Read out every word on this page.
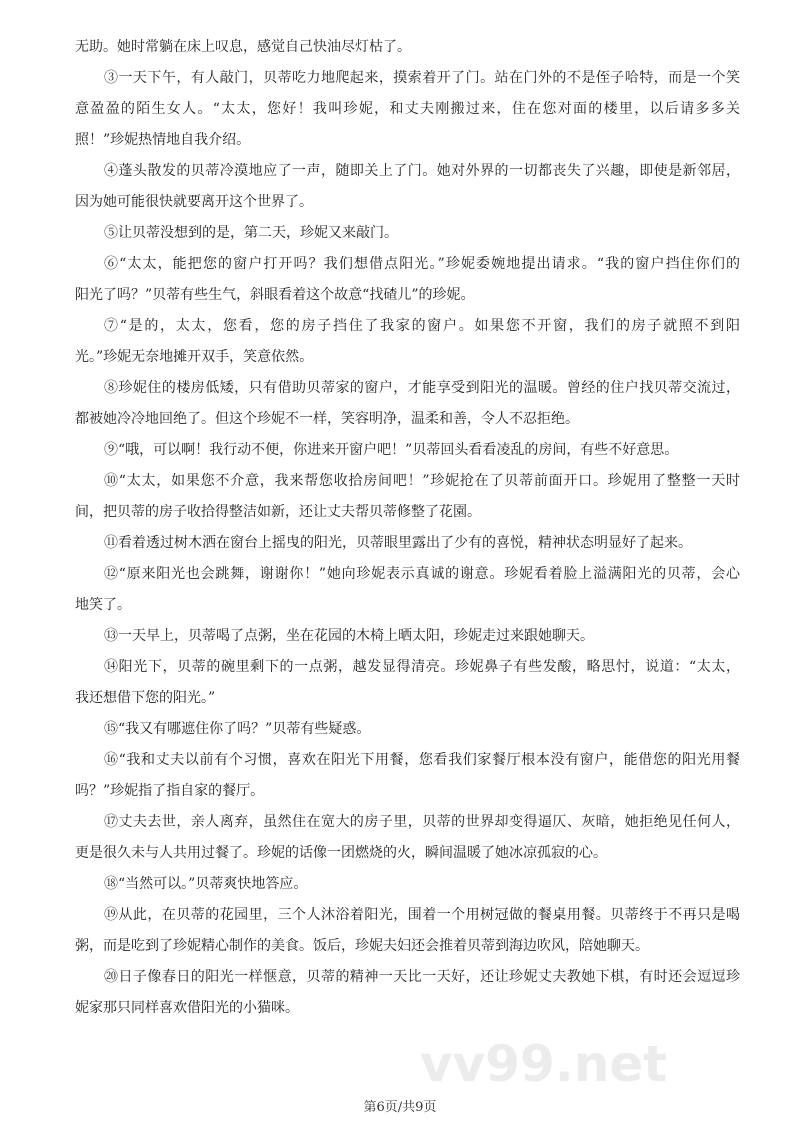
vv99.net
无助。她时常躺在床上叹息，感觉自己快油尽灯枯了。
③一天下午，有人敲门，贝蒂吃力地爬起来，摸索着开了门。站在门外的不是侄子哈特，而是一个笑
意盈盈的陌生女人。“太太，您好！我叫珍妮，和丈夫刚搬过来，住在您对面的楼里，以后请多多关
照！”珍妮热情地自我介绍。
④蓬头散发的贝蒂冷漠地应了一声，随即关上了门。她对外界的一切都丧失了兴趣，即使是新邻居，
因为她可能很快就要离开这个世界了。
⑤让贝蒂没想到的是，第二天，珍妮又来敲门。
⑥“太太，能把您的窗户打开吗？我们想借点阳光。”珍妮委婉地提出请求。“我的窗户挡住你们的
阳光了吗？”贝蒂有些生气，斜眼看着这个故意“找碴儿”的珍妮。
⑦“是的，太太，您看，您的房子挡住了我家的窗户。如果您不开窗，我们的房子就照不到阳
光。”珍妮无奈地摊开双手，笑意依然。
⑧珍妮住的楼房低矮，只有借助贝蒂家的窗户，才能享受到阳光的温暖。曾经的住户找贝蒂交流过，
都被她冷冷地回绝了。但这个珍妮不一样，笑容明净，温柔和善，令人不忍拒绝。
⑨“哦，可以啊！我行动不便，你进来开窗户吧！”贝蒂回头看看凌乱的房间，有些不好意思。
⑩“太太，如果您不介意，我来帮您收拾房间吧！”珍妮抢在了贝蒂前面开口。珍妮用了整整一天时
间，把贝蒂的房子收拾得整洁如新，还让丈夫帮贝蒂修整了花園。
⑪看着透过树木洒在窗台上摇曳的阳光，贝蒂眼里露出了少有的喜悦，精神状态明显好了起来。
⑫“原来阳光也会跳舞，谢谢你！”她向珍妮表示真诚的谢意。珍妮看着脸上溢满阳光的贝蒂，会心
地笑了。
⑬一天早上，贝蒂喝了点粥，坐在花园的木椅上晒太阳，珍妮走过来跟她聊天。
⑭阳光下，贝蒂的碗里剩下的一点粥，越发显得清亮。珍妮鼻子有些发酸，略思忖，说道：“太太，
我还想借下您的阳光。”
⑮“我又有哪遮住你了吗？”贝蒂有些疑惑。
⑯“我和丈夫以前有个习惯，喜欢在阳光下用餐，您看我们家餐厅根本没有窗户，能借您的阳光用餐
吗？”珍妮指了指自家的餐厅。
⑰丈夫去世，亲人离弃，虽然住在宽大的房子里，贝蒂的世界却变得逼仄、灰暗，她拒绝见任何人，
更是很久未与人共用过餐了。珍妮的话像一团燃烧的火，瞬间温暖了她冰凉孤寂的心。
⑱“当然可以。”贝蒂爽快地答应。
⑲从此，在贝蒂的花园里，三个人沐浴着阳光，围着一个用树冠做的餐桌用餐。贝蒂终于不再只是喝
粥，而是吃到了珍妮精心制作的美食。饭后，珍妮夫妇还会推着贝蒂到海边吹风，陪她聊天。
⑳日子像春日的阳光一样惬意，贝蒂的精神一天比一天好，还让珍妮丈夫教她下棋，有时还会逗逗珍
妮家那只同样喜欢借阳光的小猫咪。
第6页/共9页
